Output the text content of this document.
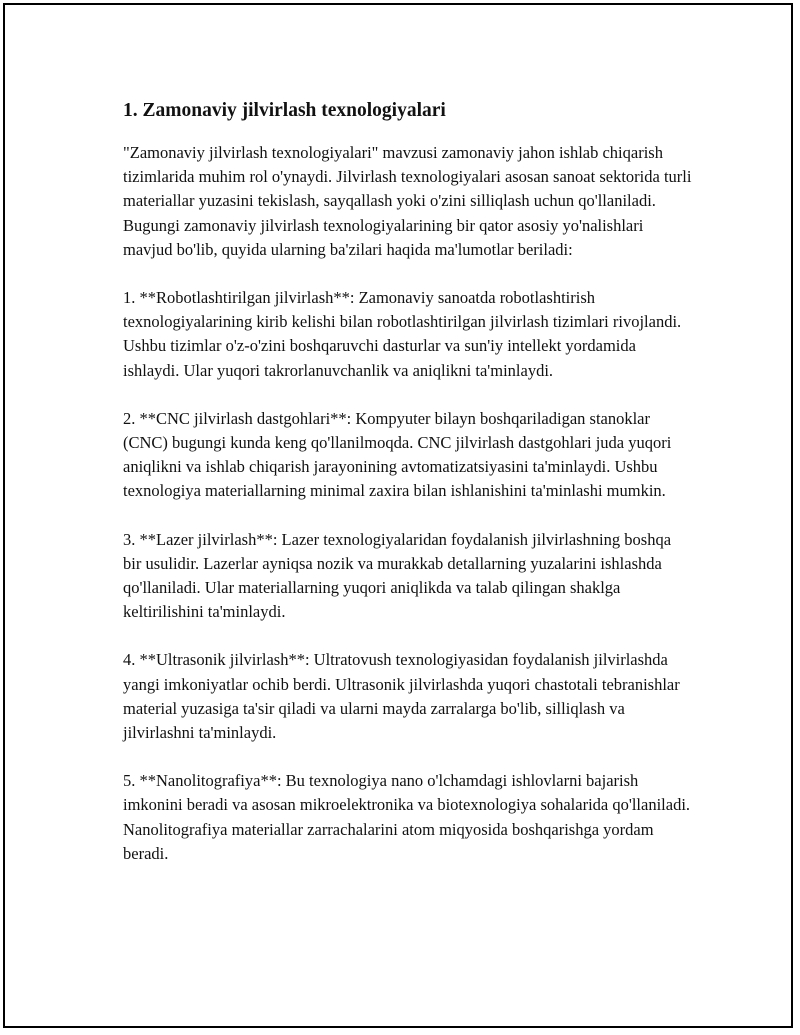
1. Zamonaviy jilvirlash texnologiyalari

"Zamonaviy jilvirlash texnologiyalari" mavzusi zamonaviy jahon ishlab chiqarish tizimlarida muhim rol o'ynaydi. Jilvirlash texnologiyalari asosan sanoat sektorida turli materiallar yuzasini tekislash, sayqallash yoki o'zini silliqlash uchun qo'llaniladi. Bugungi zamonaviy jilvirlash texnologiyalarining bir qator asosiy yo'nalishlari mavjud bo'lib, quyida ularning ba'zilari haqida ma'lumotlar beriladi:

1. **Robotlashtirilgan jilvirlash**: Zamonaviy sanoatda robotlashtirish texnologiyalarining kirib kelishi bilan robotlashtirilgan jilvirlash tizimlari rivojlandi. Ushbu tizimlar o'z-o'zini boshqaruvchi dasturlar va sun'iy intellekt yordamida ishlaydi. Ular yuqori takrorlanuvchanlik va aniqlikni ta'minlaydi.

2. **CNC jilvirlash dastgohlari**: Kompyuter bilayn boshqariladigan stanoklar (CNC) bugungi kunda keng qo'llanilmoqda. CNC jilvirlash dastgohlari juda yuqori aniqlikni va ishlab chiqarish jarayonining avtomatizatsiyasini ta'minlaydi. Ushbu texnologiya materiallarning minimal zaxira bilan ishlanishini ta'minlashi mumkin.

3. **Lazer jilvirlash**: Lazer texnologiyalaridan foydalanish jilvirlashning boshqa bir usulidir. Lazerlar ayniqsa nozik va murakkab detallarning yuzalarini ishlashda qo'llaniladi. Ular materiallarning yuqori aniqlikda va talab qilingan shaklga keltirilishini ta'minlaydi.

4. **Ultrasonik jilvirlash**: Ultratovush texnologiyasidan foydalanish jilvirlashda yangi imkoniyatlar ochib berdi. Ultrasonik jilvirlashda yuqori chastotali tebranishlar material yuzasiga ta'sir qiladi va ularni mayda zarralarga bo'lib, silliqlash va jilvirlashni ta'minlaydi.

5. **Nanolitografiya**: Bu texnologiya nano o'lchamdagi ishlovlarni bajarish imkonini beradi va asosan mikroelektronika va biotexnologiya sohalarida qo'llaniladi. Nanolitografiya materiallar zarrachalarini atom miqyosida boshqarishga yordam beradi.
